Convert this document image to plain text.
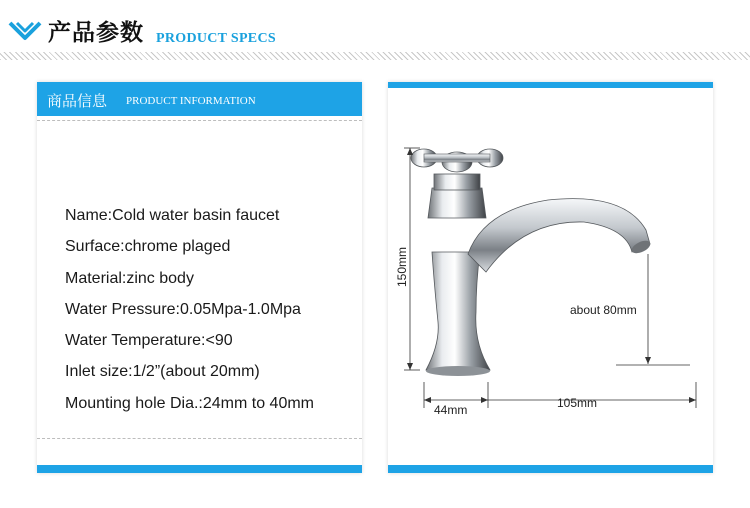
产品参数 PRODUCT SPECS
商品信息 PRODUCT INFORMATION
Name:Cold water basin faucet
Surface:chrome plaged
Material:zinc body
Water Pressure:0.05Mpa-1.0Mpa
Water Temperature:<90
Inlet size:1/2”(about 20mm)
Mounting hole Dia.:24mm to 40mm
150mm
about 80mm
44mm	105mm
